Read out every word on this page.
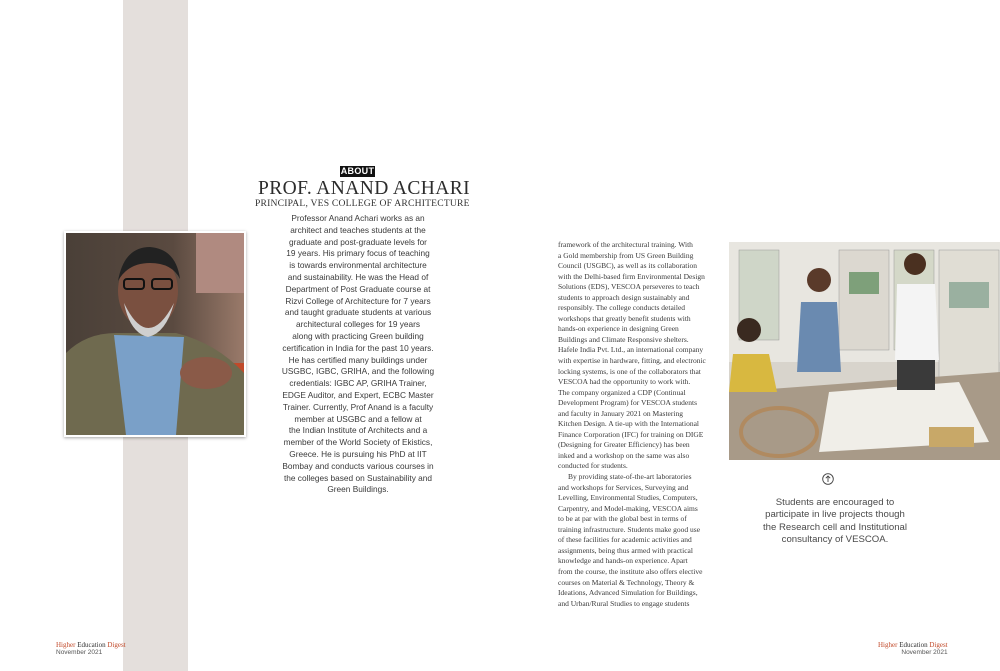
ABOUT
PROF. ANAND ACHARI
PRINCIPAL, VES COLLEGE OF ARCHITECTURE
Professor Anand Achari works as an
architect and teaches students at the
graduate and post-graduate levels for
19 years. His primary focus of teaching
is towards environmental architecture
and sustainability. He was the Head of
Department of Post Graduate course at
Rizvi College of Architecture for 7 years
and taught graduate students at various
architectural colleges for 19 years
along with practicing Green building
certification in India for the past 10 years.
He has certified many buildings under
USGBC, IGBC, GRIHA, and the following
credentials: IGBC AP, GRIHA Trainer,
EDGE Auditor, and Expert, ECBC Master
Trainer. Currently, Prof Anand is a faculty
member at USGBC and a fellow at
the Indian Institute of Architects and a
member of the World Society of Ekistics,
Greece. He is pursuing his PhD at IIT
Bombay and conducts various courses in
the colleges based on Sustainability and
Green Buildings.
framework of the architectural training. With
a Gold membership from US Green Building
Council (USGBC), as well as its collaboration
with the Delhi-based firm Environmental Design
Solutions (EDS), VESCOA perseveres to teach
students to approach design sustainably and
responsibly. The college conducts detailed
workshops that greatly benefit students with
hands-on experience in designing Green
Buildings and Climate Responsive shelters.
Hafele India Pvt. Ltd., an international company
with expertise in hardware, fitting, and electronic
locking systems, is one of the collaborators that
VESCOA had the opportunity to work with.
The company organized a CDP (Continual
Development Program) for VESCOA students
and faculty in January 2021 on Mastering
Kitchen Design. A tie-up with the International
Finance Corporation (IFC) for training on DIGE
(Designing for Greater Efficiency) has been
inked and a workshop on the same was also
conducted for students.
By providing state-of-the-art laboratories
and workshops for Services, Surveying and
Levelling, Environmental Studies, Computers,
Carpentry, and Model-making, VESCOA aims
to be at par with the global best in terms of
training infrastructure. Students make good use
of these facilities for academic activities and
assignments, being thus armed with practical
knowledge and hands-on experience. Apart
from the course, the institute also offers elective
courses on Material & Technology, Theory &
Ideations, Advanced Simulation for Buildings,
and Urban/Rural Studies to engage students
Students are encouraged to
participate in live projects though
the Research cell and Institutional
consultancy of VESCOA.
Higher Education Digest
November 2021
Higher Education Digest
November 2021
